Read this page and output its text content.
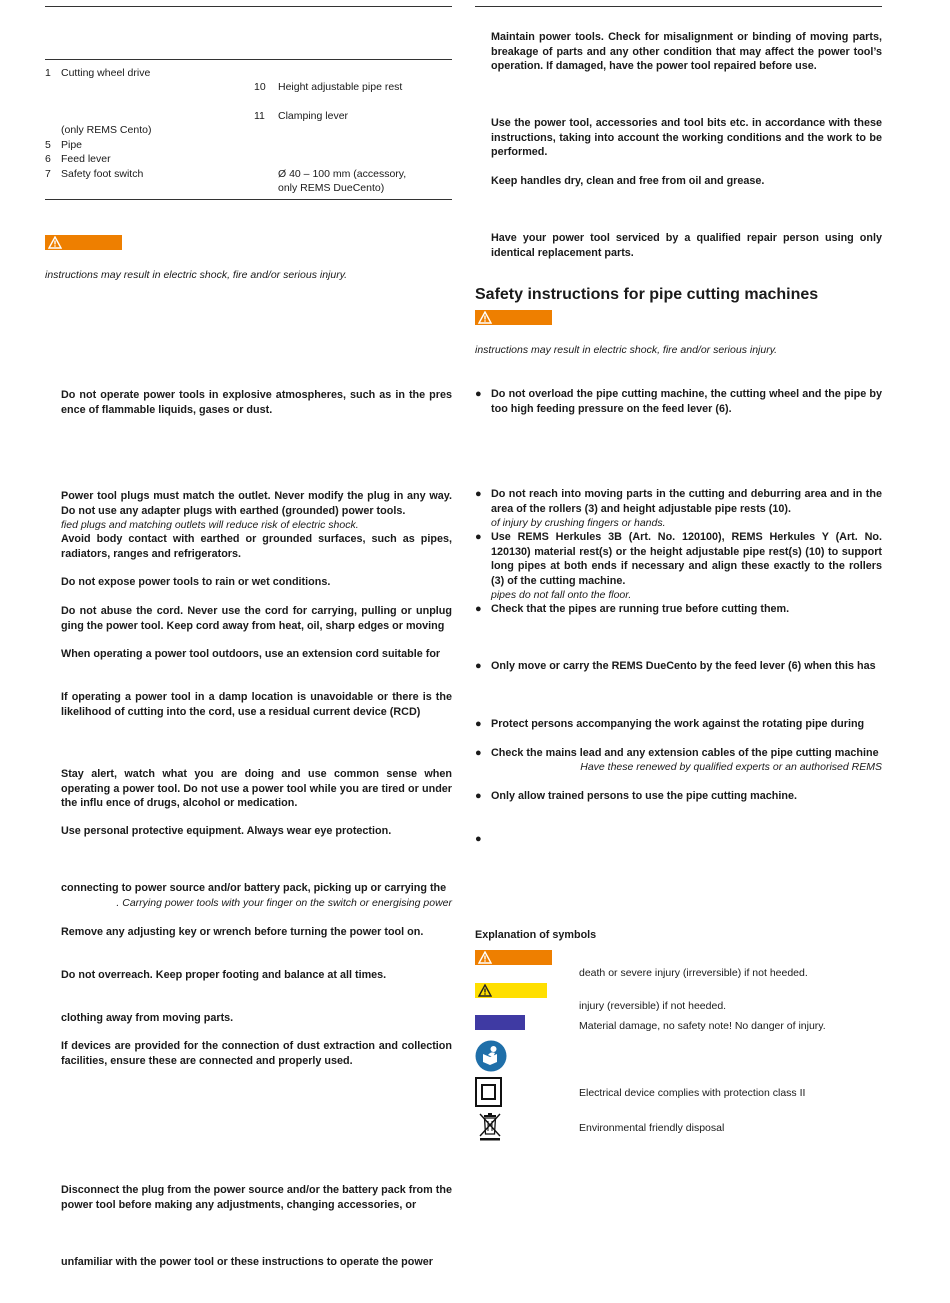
1 Cutting wheel drive
(only REMS Cento)
5 Pipe
6 Feed lever
7 Safety foot switch
10 Height adjustable pipe rest
11 Clamping lever
Ø 40 – 100 mm (accessory,
only REMS DueCento)
instructions may result in electric shock, fire and/or serious injury.
Do not operate power tools in explosive atmospheres, such as in the pres ence of flammable liquids, gases or dust.
Power tool plugs must match the outlet. Never modify the plug in any way. Do not use any adapter plugs with earthed (grounded) power tools.
fied plugs and matching outlets will reduce risk of electric shock.
Avoid body contact with earthed or grounded surfaces, such as pipes, radiators, ranges and refrigerators.
Do not expose power tools to rain or wet conditions.
Do not abuse the cord. Never use the cord for carrying, pulling or unplug ging the power tool. Keep cord away from heat, oil, sharp edges or moving
When operating a power tool outdoors, use an extension cord suitable for
If operating a power tool in a damp location is unavoidable or there is the likelihood of cutting into the cord, use a residual current device (RCD)
Stay alert, watch what you are doing and use common sense when operating a power tool. Do not use a power tool while you are tired or under the influ ence of drugs, alcohol or medication.
Use personal protective equipment. Always wear eye protection.
connecting to power source and/or battery pack, picking up or carrying the
. Carrying power tools with your finger on the switch or energising power
Remove any adjusting key or wrench before turning the power tool on.
Do not overreach. Keep proper footing and balance at all times.
clothing away from moving parts.
If devices are provided for the connection of dust extraction and collection facilities, ensure these are connected and properly used.
Disconnect the plug from the power source and/or the battery pack from the power tool before making any adjustments, changing accessories, or
unfamiliar with the power tool or these instructions to operate the power
Maintain power tools. Check for misalignment or binding of moving parts, breakage of parts and any other condition that may affect the power tool’s operation. If damaged, have the power tool repaired before use.
Use the power tool, accessories and tool bits etc. in accordance with these instructions, taking into account the working conditions and the work to be performed.
Keep handles dry, clean and free from oil and grease.
Have your power tool serviced by a qualified repair person using only identical replacement parts.
Safety instructions for pipe cutting machines
instructions may result in electric shock, fire and/or serious injury.
● Do not overload the pipe cutting machine, the cutting wheel and the pipe by too high feeding pressure on the feed lever (6).
● Do not reach into moving parts in the cutting and deburring area and in the area of the rollers (3) and height adjustable pipe rests (10).
of injury by crushing fingers or hands.
● Use REMS Herkules 3B (Art. No. 120100), REMS Herkules Y (Art. No. 120130) material rest(s) or the height adjustable pipe rest(s) (10) to support long pipes at both ends if necessary and align these exactly to the rollers (3) of the cutting machine.
pipes do not fall onto the floor.
● Check that the pipes are running true before cutting them.
● Only move or carry the REMS DueCento by the feed lever (6) when this has
● Protect persons accompanying the work against the rotating pipe during
● Check the mains lead and any extension cables of the pipe cutting machine
Have these renewed by qualified experts or an authorised REMS
● Only allow trained persons to use the pipe cutting machine.
●
Explanation of symbols
death or severe injury (irreversible) if not heeded.
injury (reversible) if not heeded.
Material damage, no safety note! No danger of injury.
Electrical device complies with protection class II
Environmental friendly disposal
